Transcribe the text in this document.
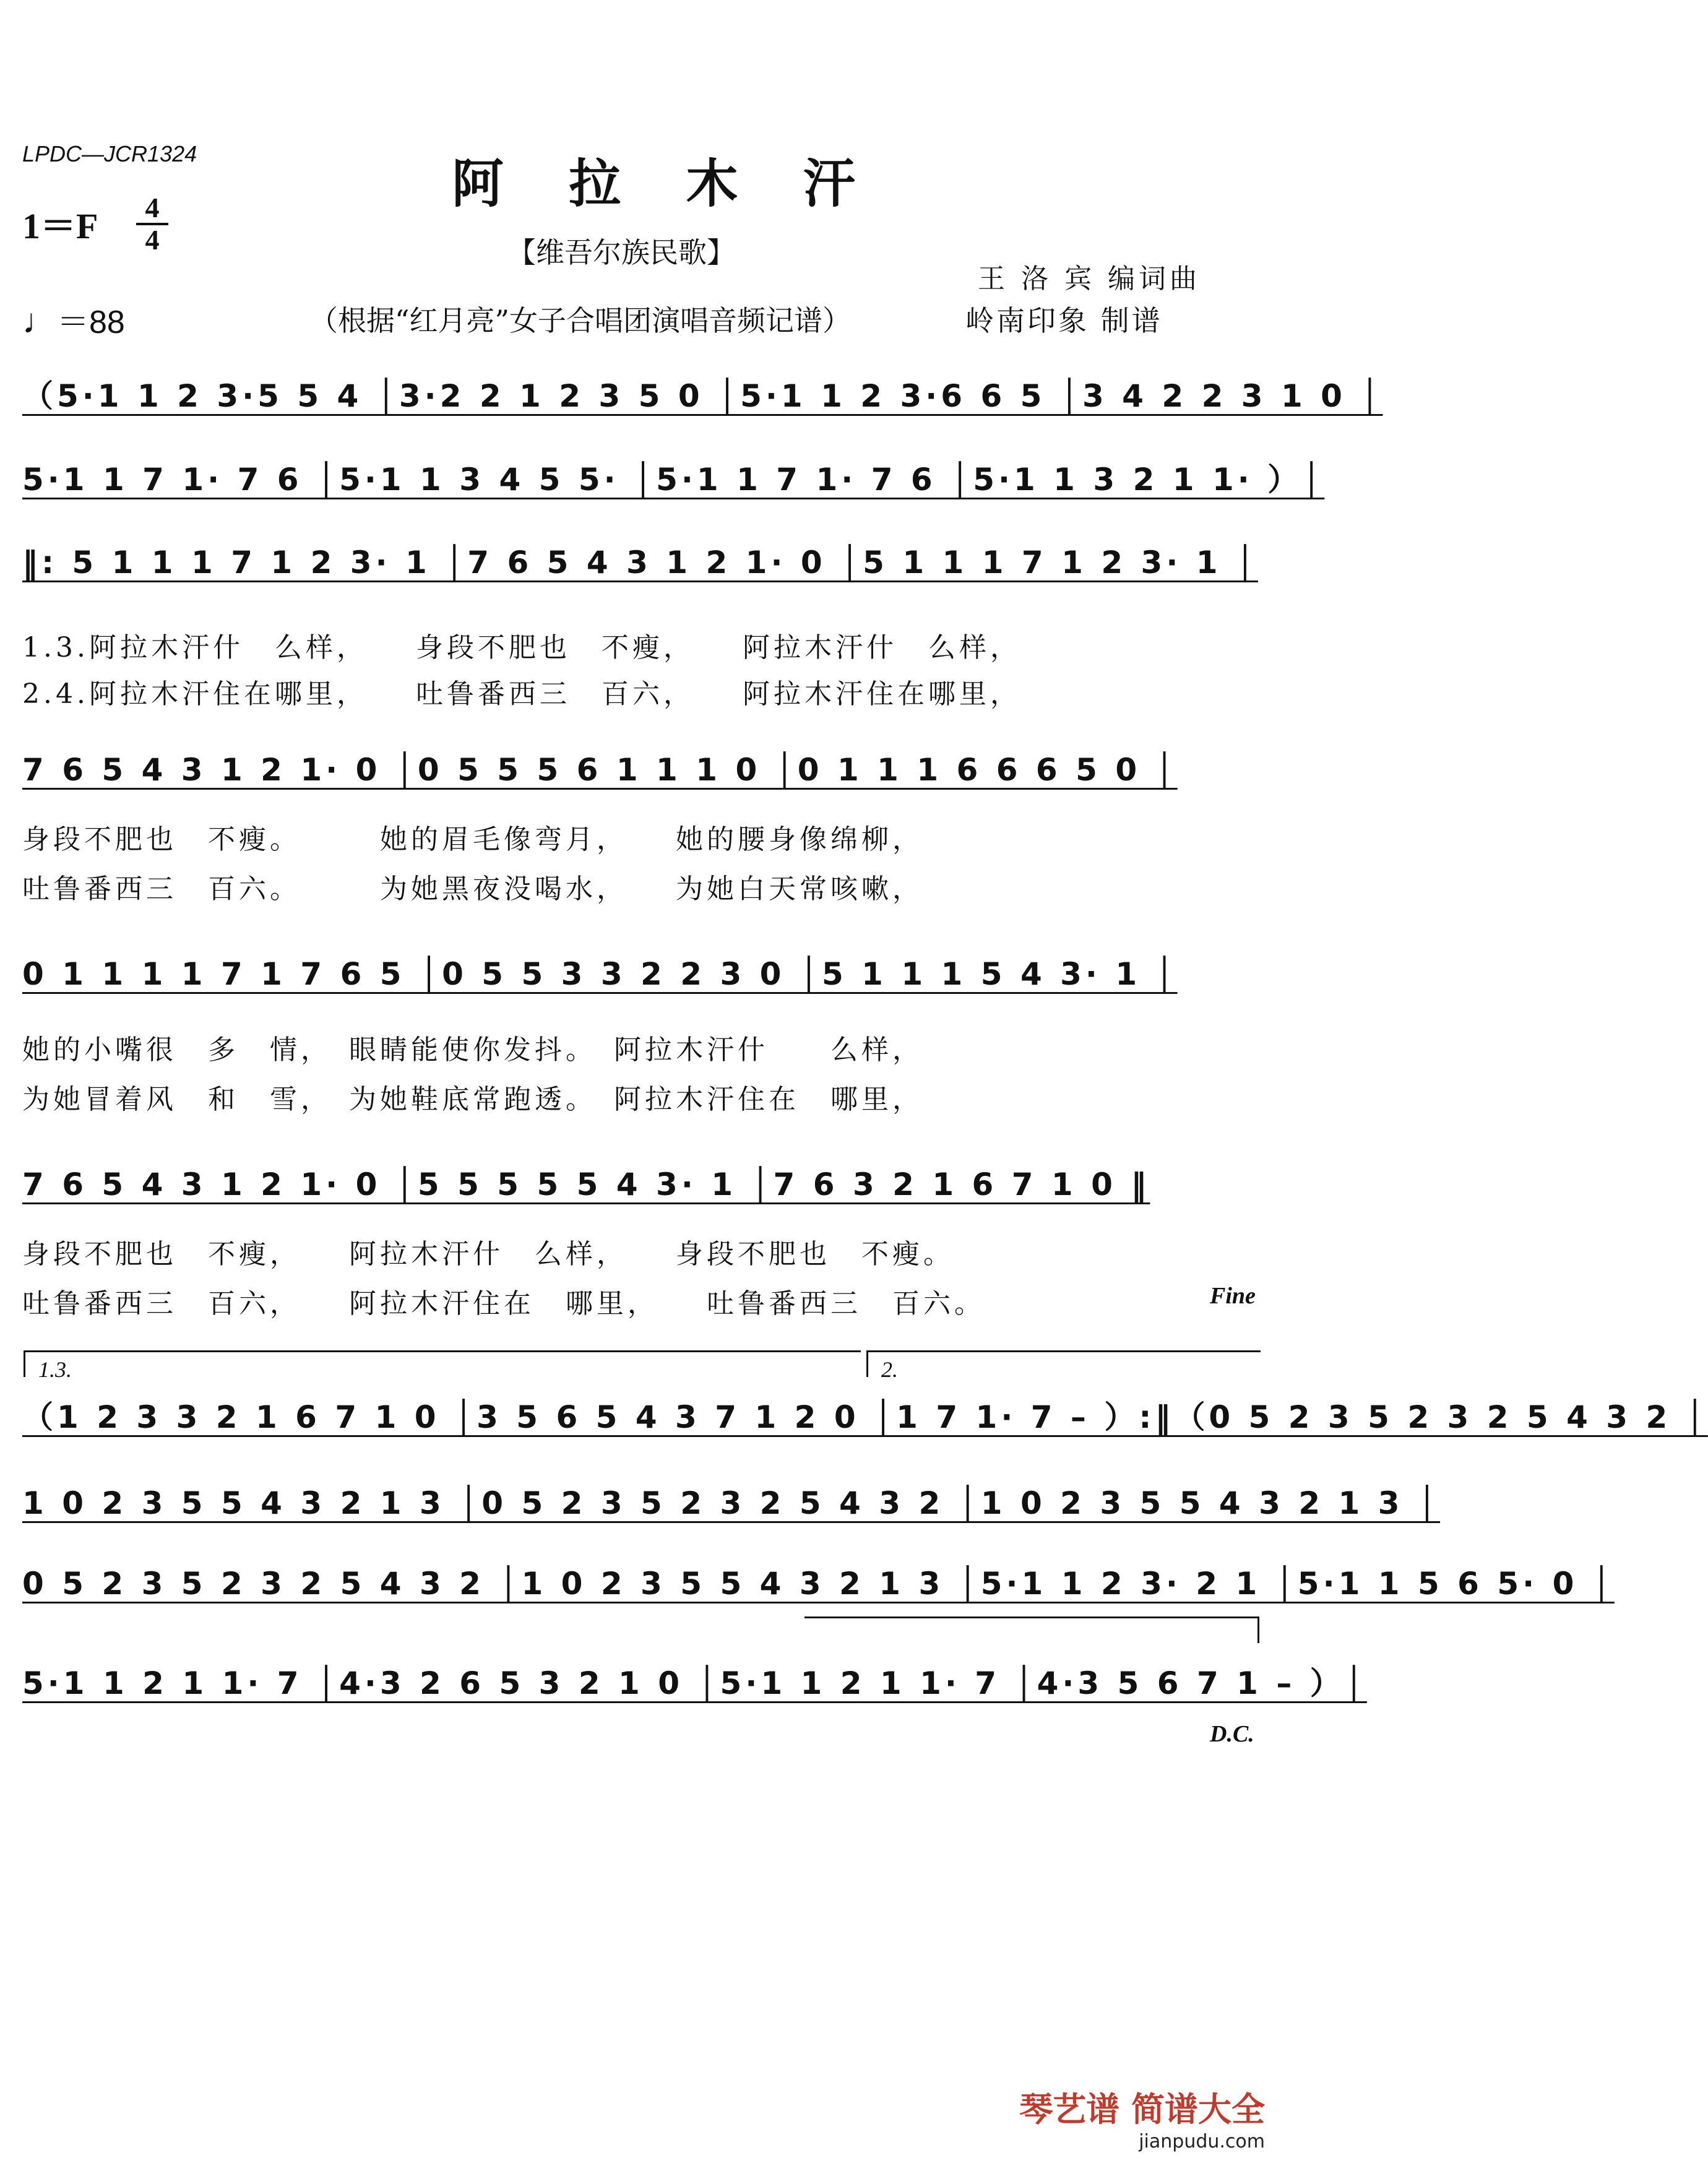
LPDC—JCR1324	阿 拉 木 汗
1＝F	4
4	【维吾尔族民歌】
王 洛 宾 编词曲
♩＝88	（根据“红月亮”女子合唱团演唱音频记谱）	岭南印象 制谱
（5·1 1 2 3·5 5 4 │3·2 2 1 2 3 5 0 │5·1 1 2 3·6 6 5 │3 4 2 2 3 1 0 │
5·1 1 7 1· 7 6 │5·1 1 3 4 5 5· │5·1 1 7 1· 7 6 │5·1 1 3 2 1 1· ）│
‖: 5 1 1 1 7 1 2 3· 1 │7 6 5 4 3 1 2 1· 0 │5 1 1 1 7 1 2 3· 1 │
1.3.阿拉木汗什　么样，　　身段不肥也　不瘦，　　阿拉木汗什　么样，
2.4.阿拉木汗住在哪里，　　吐鲁番西三　百六，　　阿拉木汗住在哪里，
7 6 5 4 3 1 2 1· 0 │0 5 5 5 6 1 1 1 0 │0 1 1 1 6 6 6 5 0 │
身段不肥也　不瘦。　　　她的眉毛像弯月，　　她的腰身像绵柳，
吐鲁番西三　百六。　　　为她黑夜没喝水，　　为她白天常咳嗽，
0 1 1 1 1 7 1 7 6 5 │0 5 5 3 3 2 2 3 0 │5 1 1 1 5 4 3· 1 │
她的小嘴很　多　情，　眼睛能使你发抖。　阿拉木汗什　　么样，
为她冒着风　和　雪，　为她鞋底常跑透。　阿拉木汗住在　哪里，
7 6 5 4 3 1 2 1· 0 │5 5 5 5 5 4 3· 1 │7 6 3 2 1 6 7 1 0 ‖
身段不肥也　不瘦，　　阿拉木汗什　么样，　　身段不肥也　不瘦。
吐鲁番西三　百六，　　阿拉木汗住在　哪里，　　吐鲁番西三　百六。	Fine
1.3.	2.
（1 2 3 3 2 1 6 7 1 0 │3 5 6 5 4 3 7 1 2 0 │1 7 1· 7 – ）:‖（0 5 2 3 5 2 3 2 5 4 3 2 │
1 0 2 3 5 5 4 3 2 1 3 │0 5 2 3 5 2 3 2 5 4 3 2 │1 0 2 3 5 5 4 3 2 1 3 │
0 5 2 3 5 2 3 2 5 4 3 2 │1 0 2 3 5 5 4 3 2 1 3 │5·1 1 2 3· 2 1 │5·1 1 5 6 5· 0 │
5·1 1 2 1 1· 7 │4·3 2 6 5 3 2 1 0 │5·1 1 2 1 1· 7 │4·3 5 6 7 1 – ）│
D.C.
琴艺谱 简谱大全
jianpudu.com
